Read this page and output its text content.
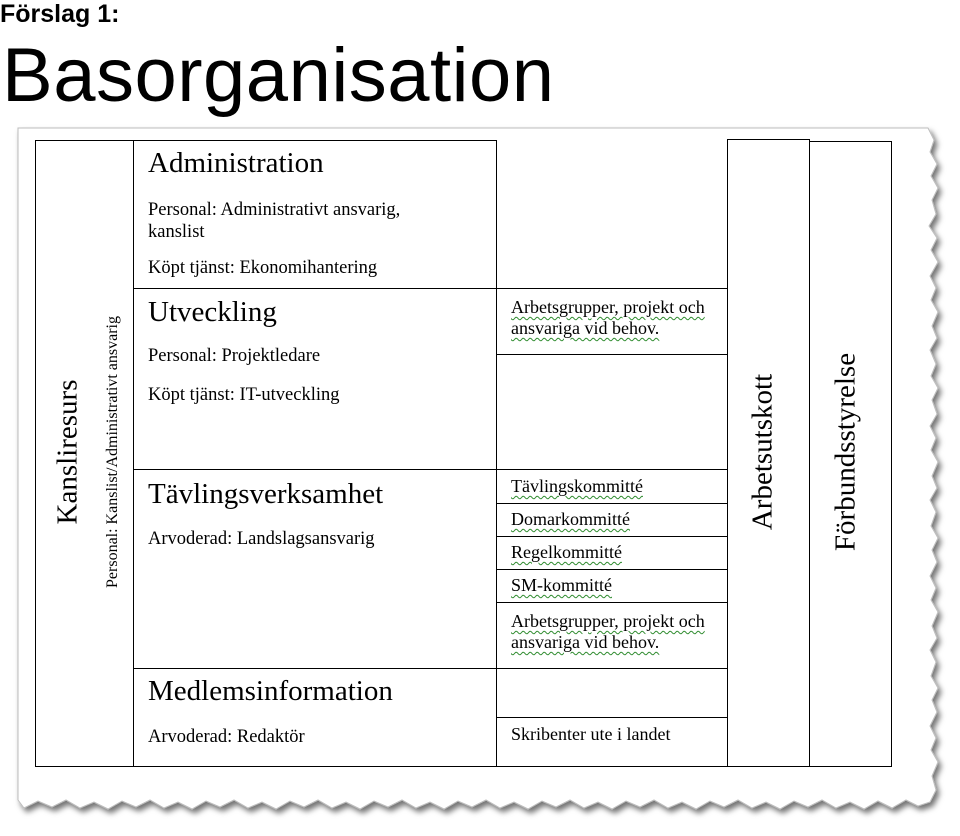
Förslag 1:
Basorganisation
Kansliresurs Personal: Kanslist/Administrativt ansvarig
Administration
Personal: Administrativt ansvarig,
kanslist
Köpt tjänst: Ekonomihantering
Utveckling
Personal: Projektledare
Köpt tjänst: IT-utveckling
Tävlingsverksamhet
Arvoderad: Landslagsansvarig
Medlemsinformation
Arvoderad: Redaktör
Arbetsgrupper, projekt och
ansvariga vid behov.
Tävlingskommitté
Domarkommitté
Regelkommitté
SM-kommitté
Arbetsgrupper, projekt och
ansvariga vid behov.
Skribenter ute i landet
Arbetsutskott Förbundsstyrelse
